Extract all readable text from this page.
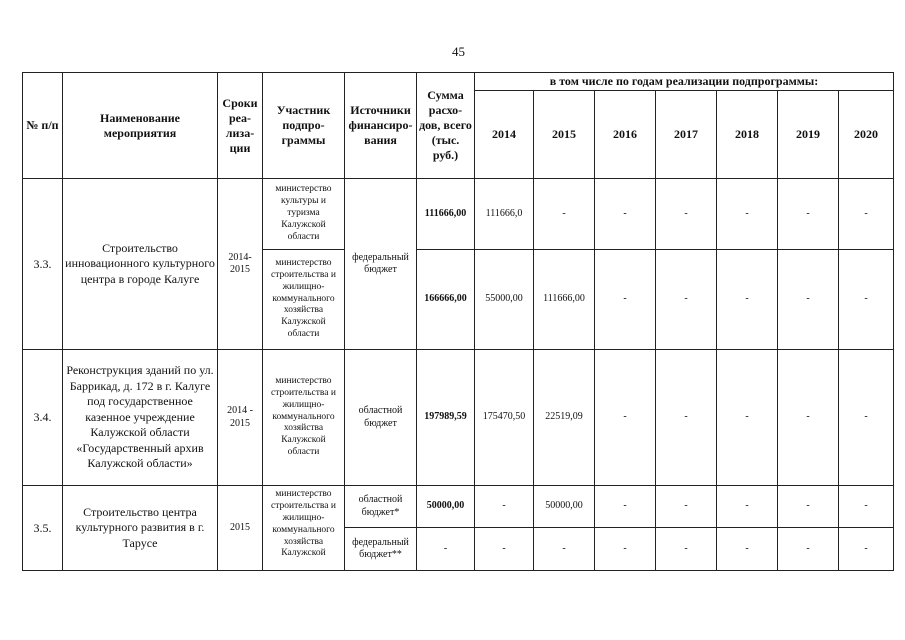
45
№ п/п	Наименование мероприятия	Сроки
реа-
лиза-
ции	Участник подпро- граммы	Источники финансиро- вания	Сумма расхо- дов, всего (тыс. руб.)	в том числе по годам реализации подпрограммы:						
						2014	2015	2016	2017	2018	2019	2020
3.3.	Строительство инновационного культурного центра в городе Калуге	2014- 2015	министерство культуры и туризма Калужской области	федеральный бюджет	111666,00	111666,0	-	-	-	-	-	-
			министерство строительства и жилищно- коммунального хозяйства Калужской области		166666,00	55000,00	111666,00	-	-	-	-	-
3.4.	Реконструкция зданий по ул. Баррикад, д. 172 в г. Калуге под государственное казенное учреждение Калужской области «Государственный архив Калужской области»	2014 - 2015	министерство строительства и жилищно- коммунального хозяйства Калужской области	областной бюджет	197989,59	175470,50	22519,09	-	-	-	-	-
3.5.	Строительство центра культурного развития в г. Тарусе	2015	министерство строительства и жилищно- коммунального хозяйства Калужской	областной бюджет*	50000,00	-	50000,00	-	-	-	-	-
				федеральный бюджет**	-	-	-	-	-	-	-	-
